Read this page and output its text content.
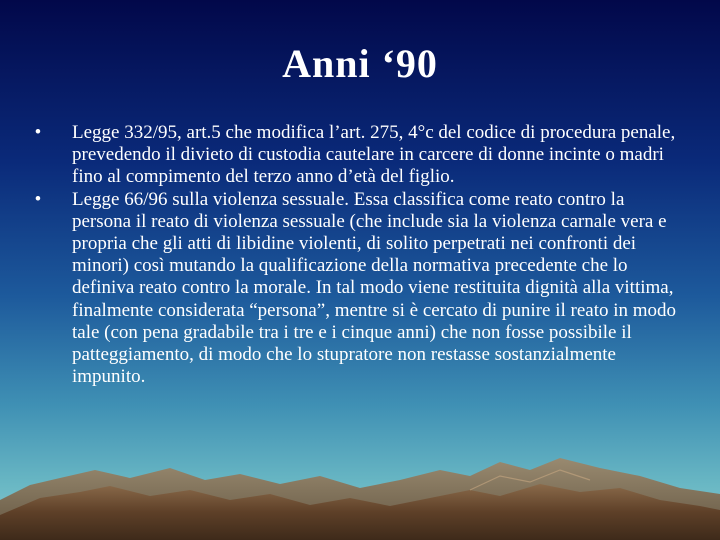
Anni ‘90
•	Legge 332/95, art.5 che modifica l’art. 275, 4°c del codice di procedura penale, prevedendo il divieto di custodia cautelare in carcere di donne incinte o madri fino al compimento del terzo anno d’età del figlio.
•	Legge 66/96 sulla violenza sessuale. Essa classifica come reato contro la persona il reato di violenza sessuale (che include sia la violenza carnale vera e propria che gli atti di libidine violenti, di solito perpetrati nei confronti dei minori) così mutando la qualificazione della normativa precedente che lo definiva reato contro la morale. In tal modo viene restituita dignità alla vittima, finalmente considerata “persona”, mentre si è cercato di punire il reato in modo tale (con pena gradabile tra i tre e i cinque anni) che non fosse possibile il patteggiamento, di modo che lo stupratore non restasse sostanzialmente impunito.
